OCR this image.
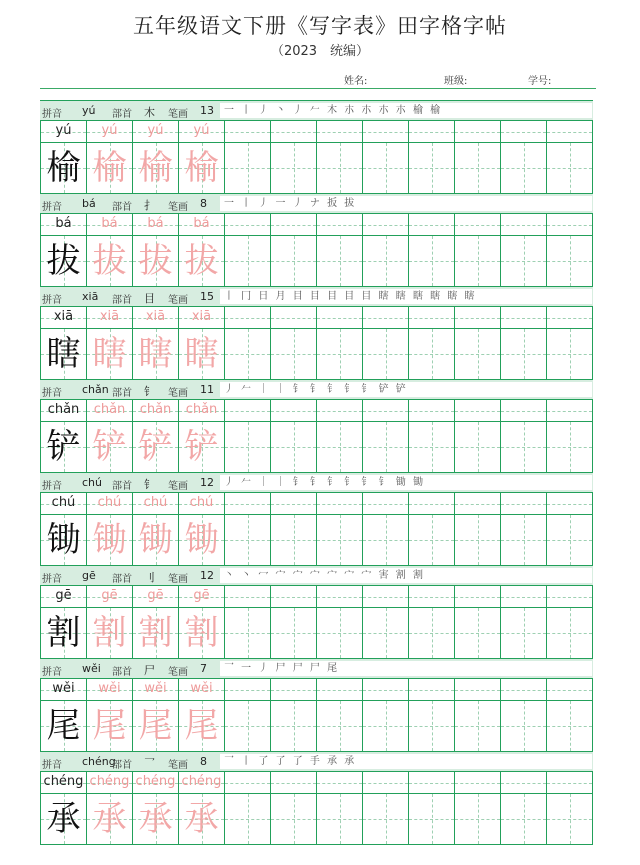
五年级语文下册《写字表》田字格字帖
（2023　统编）
姓名:	班级:	学号:
拼音 yú 部首 木 笔画 13 一 丨 丿 丶 丿 𠂉 木 朩 朩 朩 朩 榆 榆
yú	yú	yú	yú
榆 榆 榆 榆
拼音 bá 部首 扌 笔画 8 一 丨 丿 一 丿 ナ 扳 拔
bá	bá	bá	bá
拔 拔 拔 拔
拼音 xiā 部首 目 笔画 15 丨 冂 日 月 目 目 目 目 目 瞎 瞎 瞎 瞎 瞎 瞎
xiā	xiā	xiā	xiā
瞎 瞎 瞎 瞎
拼音 chǎn 部首 钅 笔画 11 丿 𠂉 ｜ ｜ 钅 钅 钅 钅 钅 铲 铲
chǎn	chǎn	chǎn	chǎn
铲 铲 铲 铲
拼音 chú 部首 钅 笔画 12 丿 𠂉 ｜ ｜ 钅 钅 钅 钅 钅 钅 锄 锄
chú	chú	chú	chú
锄 锄 锄 锄
拼音 gē 部首 刂 笔画 12 丶 丶 冖 宀 宀 宀 宀 宀 宀 害 割 割
gē	gē	gē	gē
割 割 割 割
拼音 wěi 部首 尸 笔画 7 乛 一 丿 尸 尸 尸 尾
wěi	wěi	wěi	wěi
尾 尾 尾 尾
拼音 chéng
部首 乛 笔画 8 乛 丨 了 了 了 手 承 承
chéng chéng chéng chéng
承 承 承 承
